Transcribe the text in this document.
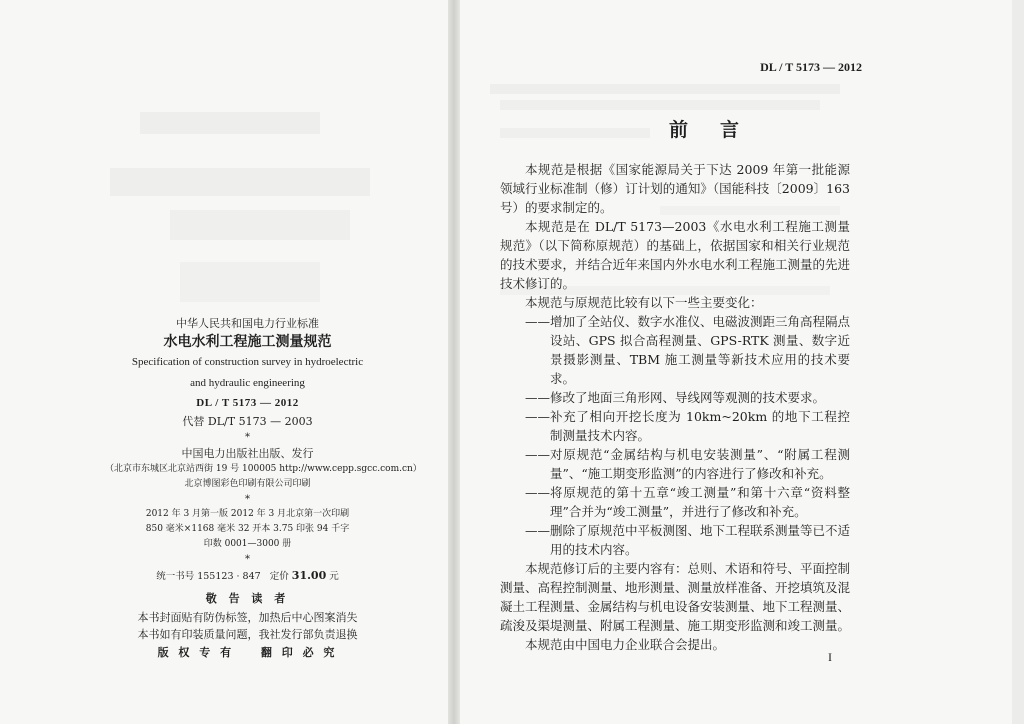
中华人民共和国电力行业标准
水电水利工程施工测量规范
Specification of construction survey in hydroelectric
and hydraulic engineering
DL / T 5173 — 2012
代替 DL/T 5173 — 2003
*
中国电力出版社出版、发行
（北京市东城区北京站西街 19 号 100005 http://www.cepp.sgcc.com.cn）
北京博图彩色印刷有限公司印刷
*
2012 年 3 月第一版 2012 年 3 月北京第一次印刷
850 毫米×1168 毫米 32 开本 3.75 印张 94 千字
印数 0001—3000 册
*
统一书号 155123 · 847 定价 31.00 元
敬 告 读 者
本书封面贴有防伪标签，加热后中心图案消失
本书如有印装质量问题，我社发行部负责退换
版 权 专 有 翻 印 必 究
DL / T 5173 — 2012
前言

本规范是根据《国家能源局关于下达 2009 年第一批能源领域行业标准制（修）订计划的通知》（国能科技〔2009〕163 号）的要求制定的。

本规范是在 DL/T 5173—2003《水电水利工程施工测量规范》（以下简称原规范）的基础上，依据国家和相关行业规范的技术要求，并结合近年来国内外水电水利工程施工测量的先进技术修订的。

本规范与原规范比较有以下一些主要变化：

—— 增加了全站仪、数字水准仪、电磁波测距三角高程隔点设站、GPS 拟合高程测量、GPS-RTK 测量、数字近景摄影测量、TBM 施工测量等新技术应用的技术要求。
—— 修改了地面三角形网、导线网等观测的技术要求。
—— 补充了相向开挖长度为 10km~20km 的地下工程控制测量技术内容。
—— 对原规范“金属结构与机电安装测量”、“附属工程测量”、“施工期变形监测”的内容进行了修改和补充。
—— 将原规范的第十五章“竣工测量”和第十六章“资料整理”合并为“竣工测量”，并进行了修改和补充。
—— 删除了原规范中平板测图、地下工程联系测量等已不适用的技术内容。

本规范修订后的主要内容有：总则、术语和符号、平面控制测量、高程控制测量、地形测量、测量放样准备、开挖填筑及混凝土工程测量、金属结构与机电设备安装测量、地下工程测量、疏浚及渠堤测量、附属工程测量、施工期变形监测和竣工测量。

本规范由中国电力企业联合会提出。

I
